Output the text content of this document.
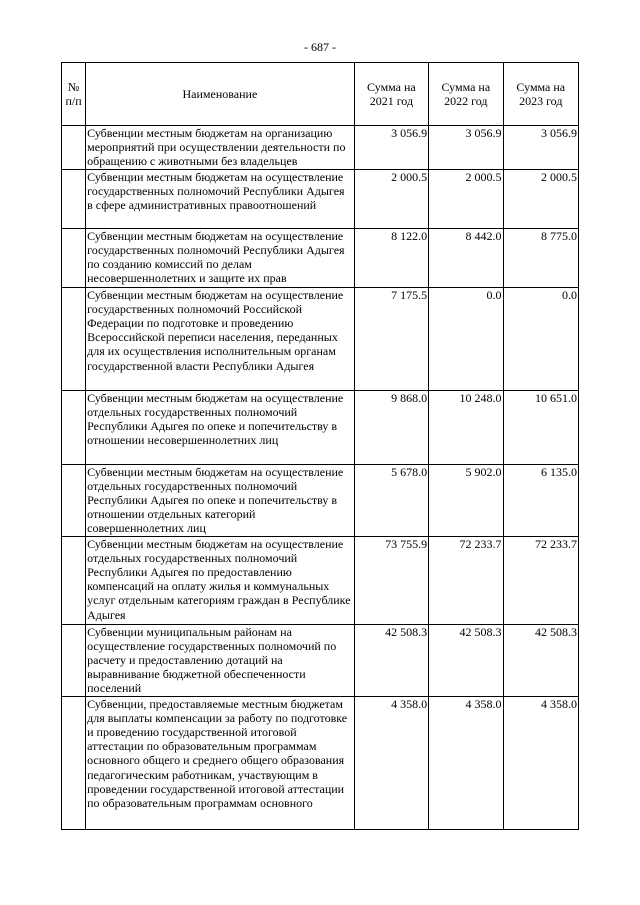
- 687 -
№ п/п	Наименование	Сумма на 2021 год	Сумма на 2022 год	Сумма на 2023 год
	Субвенции местным бюджетам на организацию мероприятий при осуществлении деятельности по обращению с животными без владельцев	3 056.9	3 056.9	3 056.9
	Субвенции местным бюджетам на осуществление государственных полномочий Республики Адыгея в сфере административных правоотношений	2 000.5	2 000.5	2 000.5
	Субвенции местным бюджетам на осуществление государственных полномочий Республики Адыгея по созданию комиссий по делам несовершеннолетних и защите их прав	8 122.0	8 442.0	8 775.0
	Субвенции местным бюджетам на осуществление государственных полномочий Российской Федерации по подготовке и проведению Всероссийской переписи населения, переданных для их осуществления исполнительным органам государственной власти Республики Адыгея	7 175.5	0.0	0.0
	Субвенции местным бюджетам на осуществление отдельных государственных полномочий Республики Адыгея по опеке и попечительству в отношении несовершеннолетних лиц	9 868.0	10 248.0	10 651.0
	Субвенции местным бюджетам на осуществление отдельных государственных полномочий Республики Адыгея по опеке и попечительству в отношении отдельных категорий совершеннолетних лиц	5 678.0	5 902.0	6 135.0
	Субвенции местным бюджетам на осуществление отдельных государственных полномочий Республики Адыгея по предоставлению компенсаций на оплату жилья и коммунальных услуг отдельным категориям граждан в Республике Адыгея	73 755.9	72 233.7	72 233.7
	Субвенции муниципальным районам на осуществление государственных полномочий по расчету и предоставлению дотаций на выравнивание бюджетной обеспеченности поселений	42 508.3	42 508.3	42 508.3
	Субвенции, предоставляемые местным бюджетам для выплаты компенсации за работу по подготовке и проведению государственной итоговой аттестации по образовательным программам основного общего и среднего общего образования педагогическим работникам, участвующим в проведении государственной итоговой аттестации по образовательным программам основного	4 358.0	4 358.0	4 358.0
